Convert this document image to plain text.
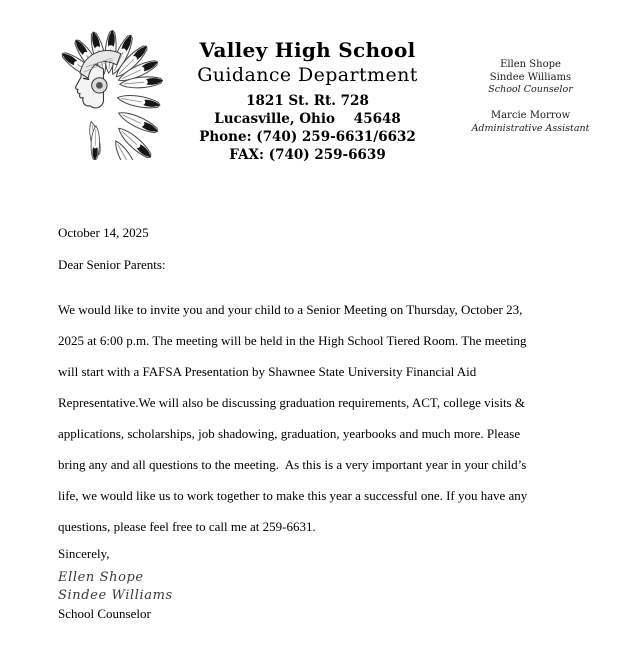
Valley High School
Guidance Department
1821 St. Rt. 728
Lucasville, Ohio    45648
Phone: (740) 259-6631/6632
FAX: (740) 259-6639
Ellen Shope
Sindee Williams
School Counselor
Marcie Morrow
Administrative Assistant
October 14, 2025
Dear Senior Parents:
We would like to invite you and your child to a Senior Meeting on Thursday, October 23,
2025 at 6:00 p.m. The meeting will be held in the High School Tiered Room. The meeting
will start with a FAFSA Presentation by Shawnee State University Financial Aid
Representative.We will also be discussing graduation requirements, ACT, college visits &
applications, scholarships, job shadowing, graduation, yearbooks and much more. Please
bring any and all questions to the meeting.  As this is a very important year in your child’s
life, we would like us to work together to make this year a successful one. If you have any
questions, please feel free to call me at 259-6631.
Sincerely,
Ellen Shope
Sindee Williams
School Counselor
